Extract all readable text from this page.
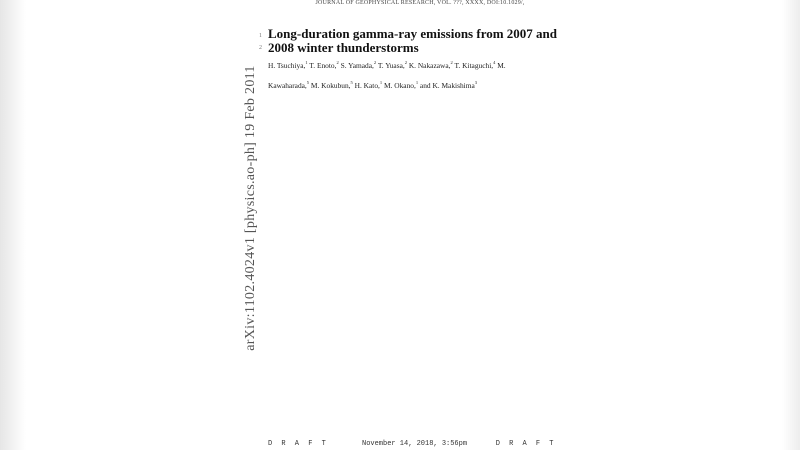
JOURNAL OF GEOPHYSICAL RESEARCH, VOL. ???, XXXX, DOI:10.1029/,
arXiv:1102.4024v1 [physics.ao-ph] 19 Feb 2011
1
2
Long-duration gamma-ray emissions from 2007 and 2008 winter thunderstorms
H. Tsuchiya,$^1$ T. Enoto,$^2$ S. Yamada,$^2$ T. Yuasa,$^2$ K. Nakazawa,$^2$ T. Kitaguchi,$^4$ M. Kawaharada,$^5$ M. Kokubun,$^5$ H. Kato,$^1$ M. Okano,$^1$ and K. Makishima$^3$
D R A F T	November 14, 2018, 3:56pm	D R A F T
